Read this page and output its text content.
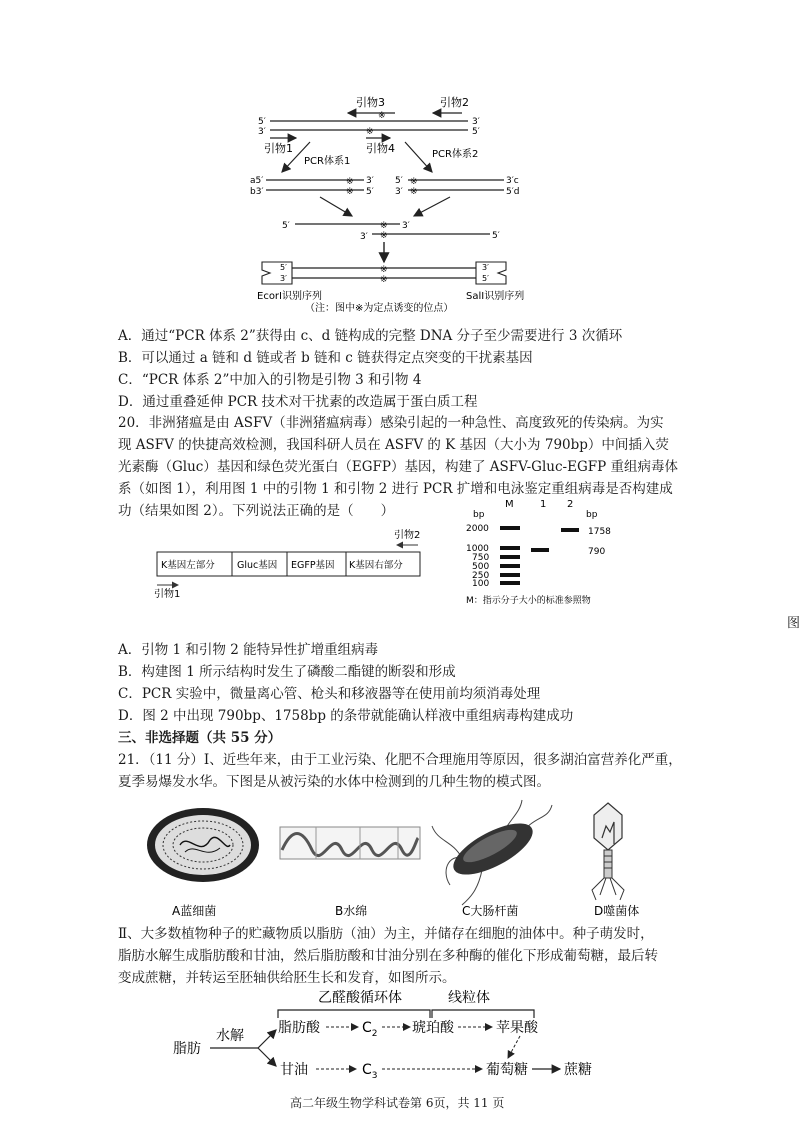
5′
3′
3′
5′
引物3
※
引物2
引物1
※
引物4
PCR体系1
PCR体系2
a5′
b3′
※
※
3′
5′
5′
3′
※
※
3′c
5′d
5′	※ 3′
3′ ※	5′
5′
3′
3′
5′
※
※
EcorⅠ识别序列	SalⅠ识别序列
（注：图中※为定点诱变的位点）
A．通过“PCR 体系 2”获得由 c、d 链构成的完整 DNA 分子至少需要进行 3 次循环
B．可以通过 a 链和 d 链或者 b 链和 c 链获得定点突变的干扰素基因
C．“PCR 体系 2”中加入的引物是引物 3 和引物 4
D．通过重叠延伸 PCR 技术对干扰素的改造属于蛋白质工程
20．非洲猪瘟是由 ASFV（非洲猪瘟病毒）感染引起的一种急性、高度致死的传染病。为实
现 ASFV 的快捷高效检测，我国科研人员在 ASFV 的 K 基因（大小为 790bp）中间插入荧
光素酶（Gluc）基因和绿色荧光蛋白（EGFP）基因，构建了 ASFV-Gluc-EGFP 重组病毒体
系（如图 1），利用图 1 中的引物 1 和引物 2 进行 PCR 扩增和电泳鉴定重组病毒是否构建成
功（结果如图 2）。下列说法正确的是（　　）
引物2
K基因左部分 Gluc基因 EGFP基因 K基因右部分
引物1
M	1 2
bp	bp
2000
1000
750
500
250
100
1758
790
M：指示分子大小的标准参照物
图
A．引物 1 和引物 2 能特异性扩增重组病毒
B．构建图 1 所示结构时发生了磷酸二酯键的断裂和形成
C．PCR 实验中，微量离心管、枪头和移液器等在使用前均须消毒处理
D．图 2 中出现 790bp、1758bp 的条带就能确认样液中重组病毒构建成功
三、非选择题（共 55 分）
21．（11 分）Ⅰ、近些年来，由于工业污染、化肥不合理施用等原因，很多湖泊富营养化严重，
夏季易爆发水华。下图是从被污染的水体中检测到的几种生物的模式图。
A蓝细菌	B水绵	C大肠杆菌	D噬菌体
Ⅱ、大多数植物种子的贮藏物质以脂肪（油）为主，并储存在细胞的油体中。种子萌发时，
脂肪水解生成脂肪酸和甘油，然后脂肪酸和甘油分别在多种酶的催化下形成葡萄糖，最后转
变成蔗糖，并转运至胚轴供给胚生长和发育，如图所示。
乙醛酸循环体	线粒体
脂肪
水解 脂肪酸	$C_2$ 琥珀酸	苹果酸
甘油	$C_3$	葡萄糖	蔗糖
高二年级生物学科试卷第 6页，共 11 页
